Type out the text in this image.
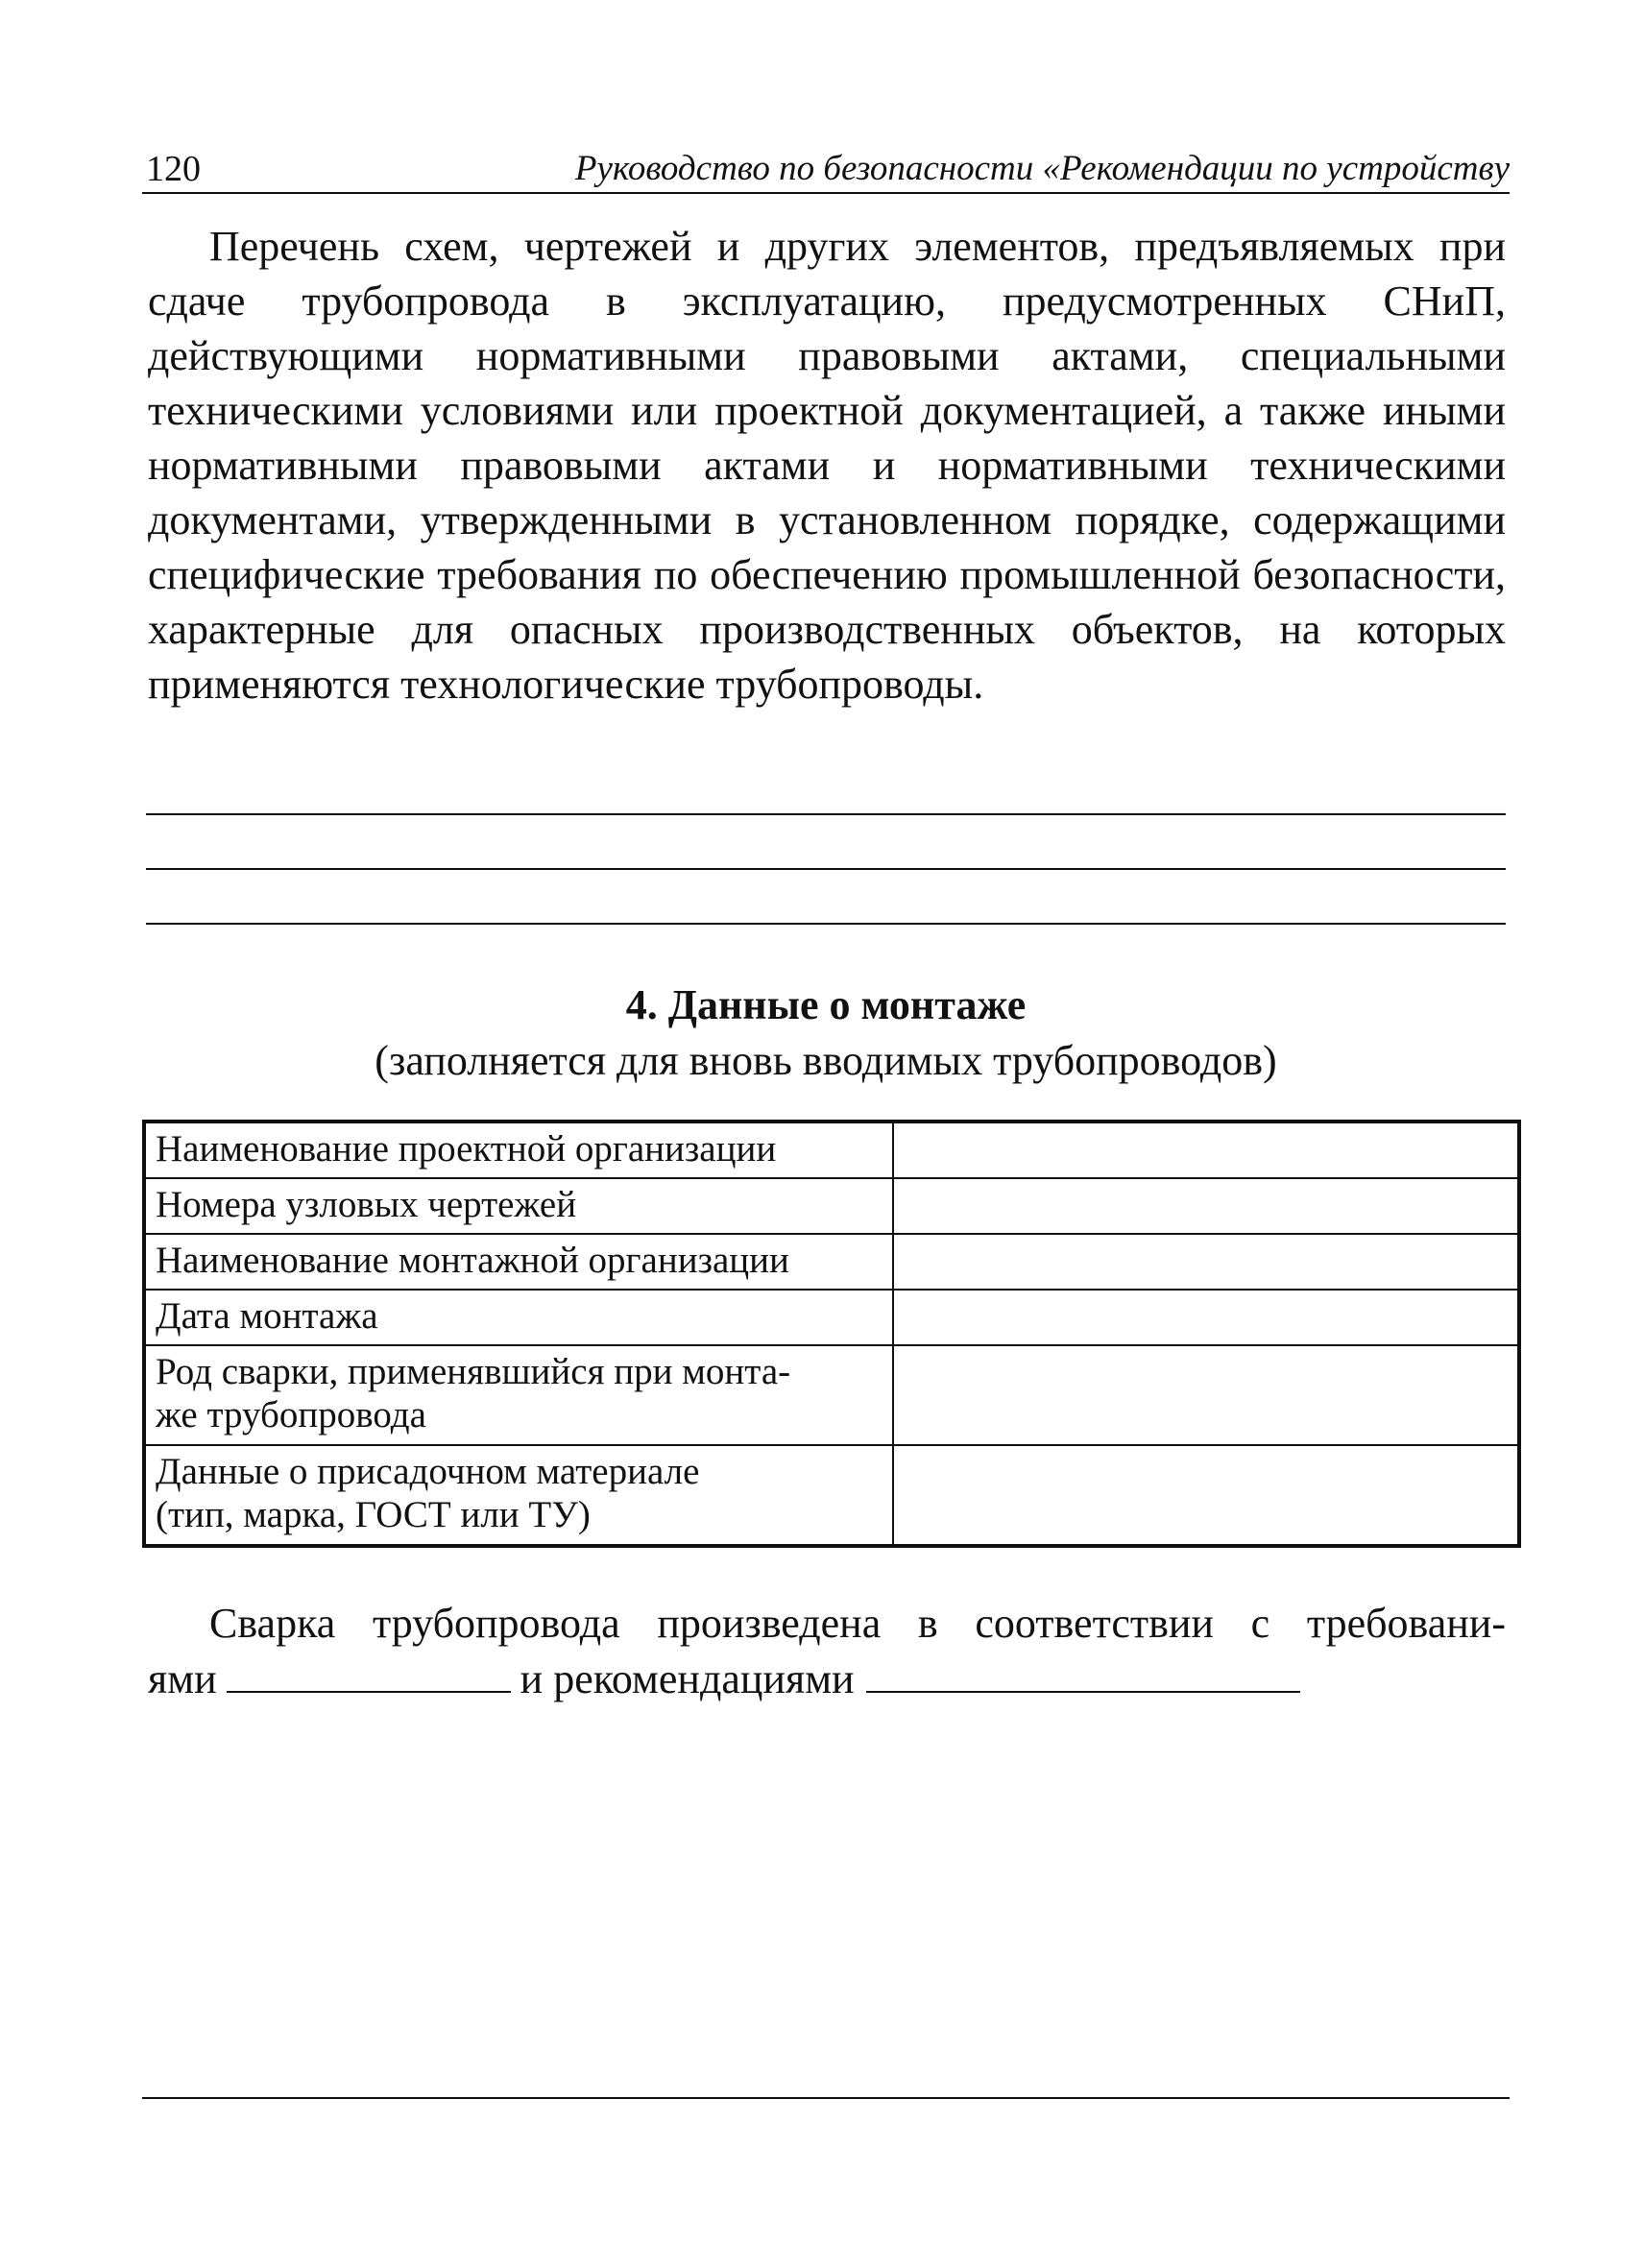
120	Руководство по безопасности «Рекомендации по устройству

Перечень схем, чертежей и других элементов, предъявляемых при сдаче трубопровода в эксплуатацию, предусмотренных СНиП, действующими нормативными правовыми актами, специальными техническими условиями или проектной документацией, а также иными нормативными правовыми актами и нормативными техническими документами, утвержденными в установленном порядке, содержащими специфические требования по обеспечению промышленной безопасности, характерные для опасных производственных объектов, на которых применяются технологические трубопроводы.

4. Данные о монтаже

(заполняется для вновь вводимых трубопроводов)

Наименование проектной организации	
Номера узловых чертежей	
Наименование монтажной организации	
Дата монтажа	
Род сварки, применявшийся при монта-
же трубопровода	
Данные о присадочном материале
(тип, марка, ГОСТ или ТУ)	

Сварка трубопровода произведена в соответствии с требовани-
ями	и рекомендациями
